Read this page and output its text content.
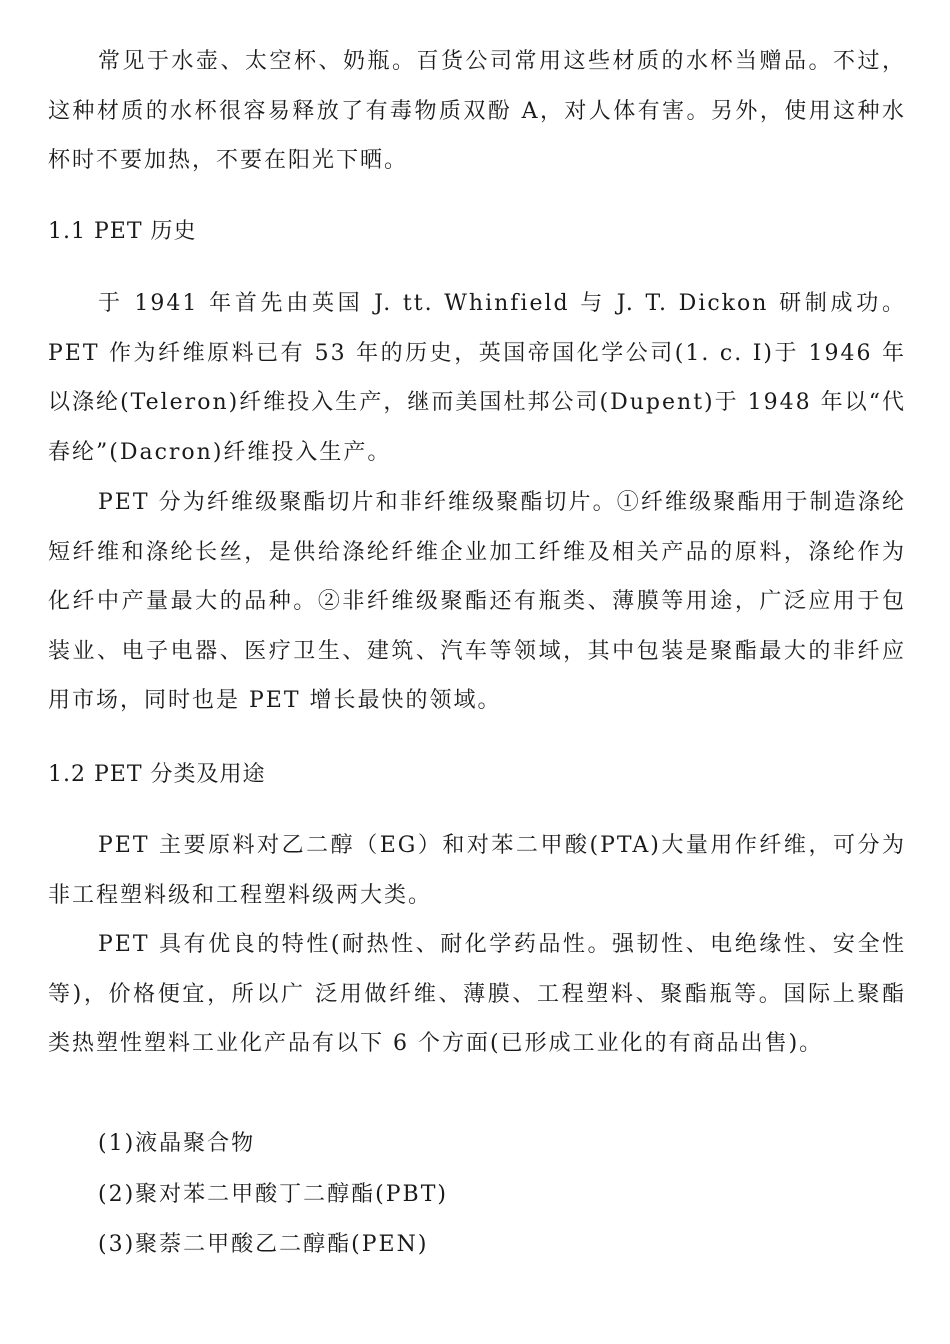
常见于水壶、太空杯、奶瓶。百货公司常用这些材质的水杯当赠品。不过，这种材质的水杯很容易释放了有毒物质双酚 A，对人体有害。另外，使用这种水杯时不要加热，不要在阳光下晒。

1.1 PET 历史

于 1941 年首先由英国 J. tt. Whinfield 与 J. T. Dickon 研制成功。 PET 作为纤维原料已有 53 年的历史，英国帝国化学公司(1. c. I)于 1946 年以涤纶(Teleron)纤维投入生产，继而美国杜邦公司(Dupent)于 1948 年以“代春纶”(Dacron)纤维投入生产。

PET 分为纤维级聚酯切片和非纤维级聚酯切片。①纤维级聚酯用于制造涤纶短纤维和涤纶长丝，是供给涤纶纤维企业加工纤维及相关产品的原料，涤纶作为化纤中产量最大的品种。②非纤维级聚酯还有瓶类、薄膜等用途，广泛应用于包装业、电子电器、医疗卫生、建筑、汽车等领域，其中包装是聚酯最大的非纤应用市场，同时也是 PET 增长最快的领域。

1.2 PET 分类及用途

PET 主要原料对乙二醇（EG）和对苯二甲酸(PTA)大量用作纤维，可分为非工程塑料级和工程塑料级两大类。

PET 具有优良的特性(耐热性、耐化学药品性。强韧性、电绝缘性、安全性等)，价格便宜，所以广 泛用做纤维、薄膜、工程塑料、聚酯瓶等。国际上聚酯类热塑性塑料工业化产品有以下 6 个方面(已形成工业化的有商品出售)。

(1)液晶聚合物

(2)聚对苯二甲酸丁二醇酯(PBT)

(3)聚萘二甲酸乙二醇酯(PEN)
